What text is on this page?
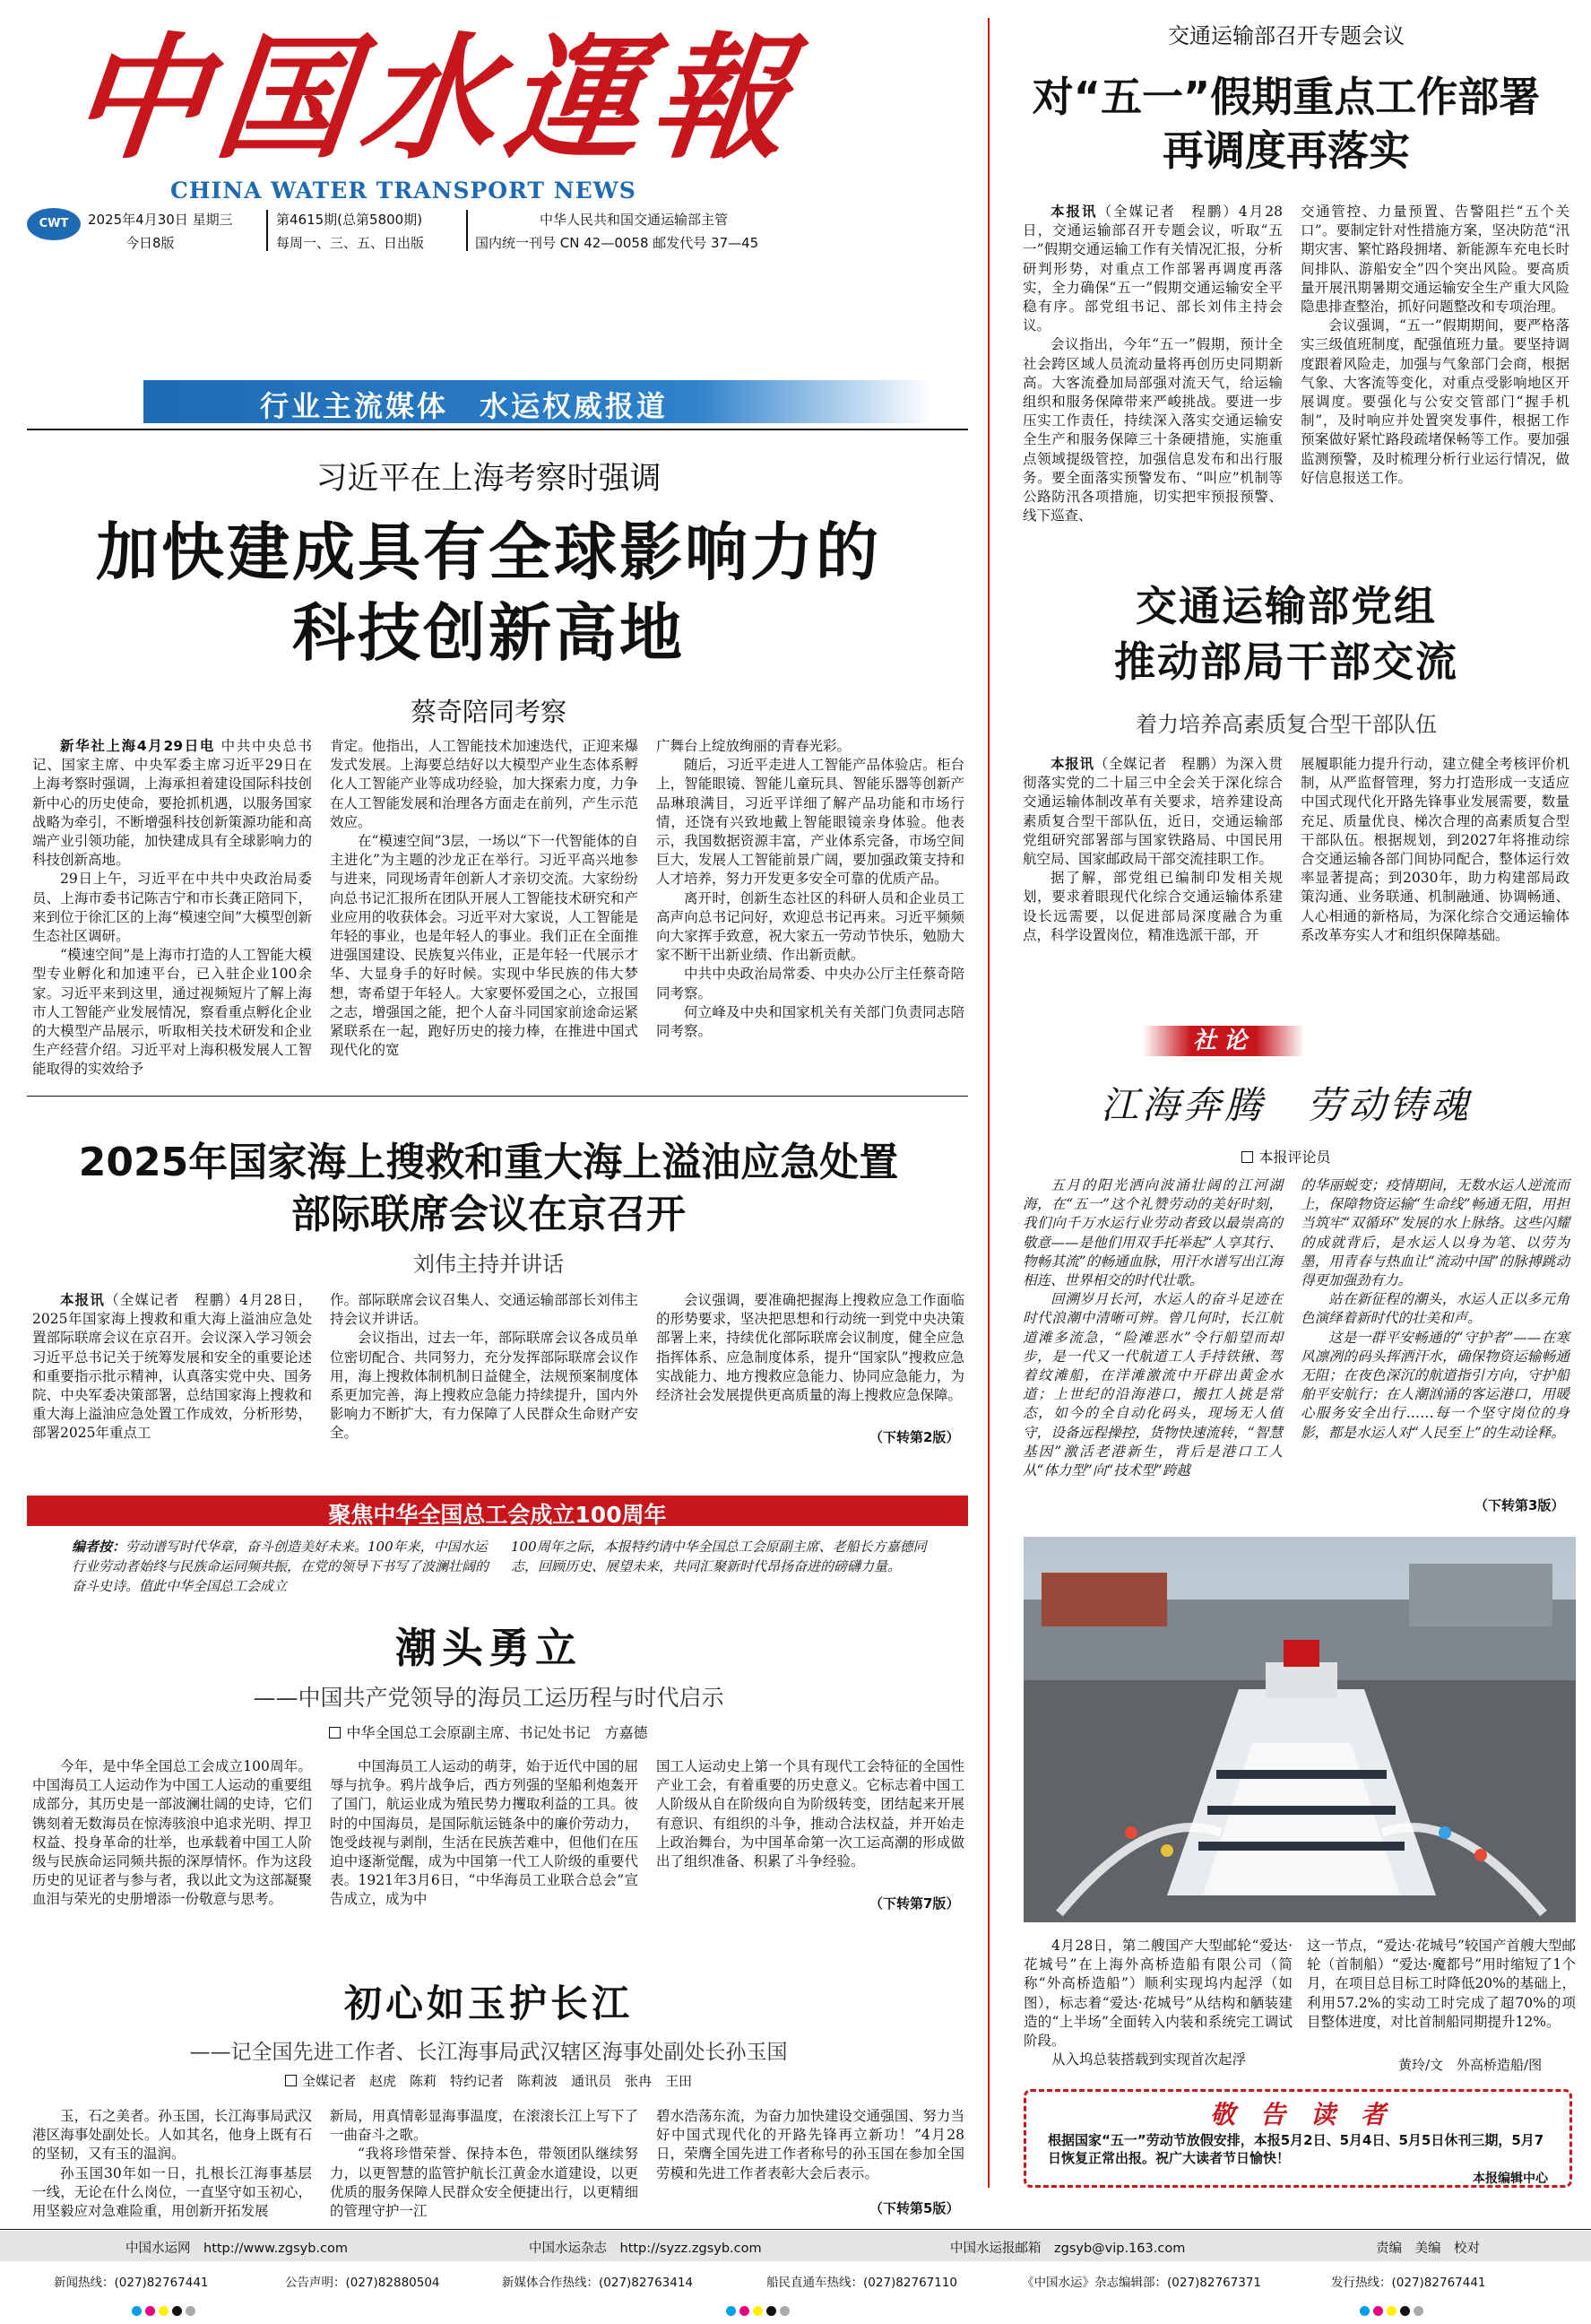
中国水運報
CHINA WATER TRANSPORT NEWS
CWT	2025年4月30日 星期三
今日8版
第4615期(总第5800期)
每周一、三、五、日出版
中华人民共和国交通运输部主管
国内统一刊号 CN 42—0058 邮发代号 37—45
行业主流媒体　水运权威报道
习近平在上海考察时强调
加快建成具有全球影响力的
科技创新高地
蔡奇陪同考察

新华社上海4月29日电 中共中央总书记、国家主席、中央军委主席习近平29日在上海考察时强调，上海承担着建设国际科技创新中心的历史使命，要抢抓机遇，以服务国家战略为牵引，不断增强科技创新策源功能和高端产业引领功能，加快建成具有全球影响力的科技创新高地。

29日上午，习近平在中共中央政治局委员、上海市委书记陈吉宁和市长龚正陪同下，来到位于徐汇区的上海“模速空间”大模型创新生态社区调研。

“模速空间”是上海市打造的人工智能大模型专业孵化和加速平台，已入驻企业100余家。习近平来到这里，通过视频短片了解上海市人工智能产业发展情况，察看重点孵化企业的大模型产品展示，听取相关技术研发和企业生产经营介绍。习近平对上海积极发展人工智能取得的实效给予

肯定。他指出，人工智能技术加速迭代，正迎来爆发式发展。上海要总结好以大模型产业生态体系孵化人工智能产业等成功经验，加大探索力度，力争在人工智能发展和治理各方面走在前列，产生示范效应。

在“模速空间”3层，一场以“下一代智能体的自主进化”为主题的沙龙正在举行。习近平高兴地参与进来，同现场青年创新人才亲切交流。大家纷纷向总书记汇报所在团队开展人工智能技术研究和产业应用的收获体会。习近平对大家说，人工智能是年轻的事业，也是年轻人的事业。我们正在全面推进强国建设、民族复兴伟业，正是年轻一代展示才华、大显身手的好时候。实现中华民族的伟大梦想，寄希望于年轻人。大家要怀爱国之心，立报国之志，增强国之能，把个人奋斗同国家前途命运紧紧联系在一起，跑好历史的接力棒，在推进中国式现代化的宽

广舞台上绽放绚丽的青春光彩。

随后，习近平走进人工智能产品体验店。柜台上，智能眼镜、智能儿童玩具、智能乐器等创新产品琳琅满目，习近平详细了解产品功能和市场行情，还饶有兴致地戴上智能眼镜亲身体验。他表示，我国数据资源丰富，产业体系完备，市场空间巨大，发展人工智能前景广阔，要加强政策支持和人才培养，努力开发更多安全可靠的优质产品。

离开时，创新生态社区的科研人员和企业员工高声向总书记问好，欢迎总书记再来。习近平频频向大家挥手致意，祝大家五一劳动节快乐，勉励大家不断干出新业绩、作出新贡献。

中共中央政治局常委、中央办公厅主任蔡奇陪同考察。

何立峰及中央和国家机关有关部门负责同志陪同考察。

2025年国家海上搜救和重大海上溢油应急处置
部际联席会议在京召开
刘伟主持并讲话

本报讯（全媒记者　程鹏）4月28日，2025年国家海上搜救和重大海上溢油应急处置部际联席会议在京召开。会议深入学习领会习近平总书记关于统筹发展和安全的重要论述和重要指示批示精神，认真落实党中央、国务院、中央军委决策部署，总结国家海上搜救和重大海上溢油应急处置工作成效，分析形势，部署2025年重点工

作。部际联席会议召集人、交通运输部部长刘伟主持会议并讲话。

会议指出，过去一年，部际联席会议各成员单位密切配合、共同努力，充分发挥部际联席会议作用，海上搜救体制机制日益健全，法规预案制度体系更加完善，海上搜救应急能力持续提升，国内外影响力不断扩大，有力保障了人民群众生命财产安全。

会议强调，要准确把握海上搜救应急工作面临的形势要求，坚决把思想和行动统一到党中央决策部署上来，持续优化部际联席会议制度，健全应急指挥体系、应急制度体系，提升“国家队”搜救应急实战能力、地方搜救应急能力、协同应急能力，为经济社会发展提供更高质量的海上搜救应急保障。

（下转第2版）
聚焦中华全国总工会成立100周年
编者按：劳动谱写时代华章，奋斗创造美好未来。100年来，中国水运行业劳动者始终与民族命运同频共振，在党的领导下书写了波澜壮阔的奋斗史诗。值此中华全国总工会成立
100周年之际，本报特约请中华全国总工会原副主席、老船长方嘉德同志，回顾历史、展望未来，共同汇聚新时代昂扬奋进的磅礴力量。
潮头勇立
——中国共产党领导的海员工运历程与时代启示
中华全国总工会原副主席、书记处书记　方嘉德

今年，是中华全国总工会成立100周年。中国海员工人运动作为中国工人运动的重要组成部分，其历史是一部波澜壮阔的史诗，它们镌刻着无数海员在惊涛骇浪中追求光明、捍卫权益、投身革命的壮举，也承载着中国工人阶级与民族命运同频共振的深厚情怀。作为这段历史的见证者与参与者，我以此文为这部凝聚血泪与荣光的史册增添一份敬意与思考。

中国海员工人运动的萌芽，始于近代中国的屈辱与抗争。鸦片战争后，西方列强的坚船利炮轰开了国门，航运业成为殖民势力攫取利益的工具。彼时的中国海员，是国际航运链条中的廉价劳动力，饱受歧视与剥削，生活在民族苦难中，但他们在压迫中逐渐觉醒，成为中国第一代工人阶级的重要代表。1921年3月6日，“中华海员工业联合总会”宣告成立，成为中

国工人运动史上第一个具有现代工会特征的全国性产业工会，有着重要的历史意义。它标志着中国工人阶级从自在阶级向自为阶级转变，团结起来开展有意识、有组织的斗争，推动合法权益，并开始走上政治舞台，为中国革命第一次工运高潮的形成做出了组织准备、积累了斗争经验。

（下转第7版）
初心如玉护长江
——记全国先进工作者、长江海事局武汉辖区海事处副处长孙玉国
全媒记者　赵虎　陈莉　特约记者　陈莉波　通讯员　张冉　王田

玉，石之美者。孙玉国，长江海事局武汉港区海事处副处长。人如其名，他身上既有石的坚韧，又有玉的温润。

孙玉国30年如一日，扎根长江海事基层一线，无论在什么岗位，一直坚守如玉初心，用坚毅应对急难险重，用创新开拓发展

新局，用真情彰显海事温度，在滚滚长江上写下了一曲奋斗之歌。

“我将珍惜荣誉、保持本色，带领团队继续努力，以更智慧的监管护航长江黄金水道建设，以更优质的服务保障人民群众安全便捷出行，以更精细的管理守护一江

碧水浩荡东流，为奋力加快建设交通强国、努力当好中国式现代化的开路先锋再立新功！”4月28日，荣膺全国先进工作者称号的孙玉国在参加全国劳模和先进工作者表彰大会后表示。

（下转第5版）
交通运输部召开专题会议
对“五一”假期重点工作部署
再调度再落实

本报讯（全媒记者　程鹏）4月28日，交通运输部召开专题会议，听取“五一”假期交通运输工作有关情况汇报，分析研判形势，对重点工作部署再调度再落实，全力确保“五一”假期交通运输安全平稳有序。部党组书记、部长刘伟主持会议。

会议指出，今年“五一”假期，预计全社会跨区域人员流动量将再创历史同期新高。大客流叠加局部强对流天气，给运输组织和服务保障带来严峻挑战。要进一步压实工作责任，持续深入落实交通运输安全生产和服务保障三十条硬措施，实施重点领域提级管控，加强信息发布和出行服务。要全面落实预警发布、“叫应”机制等公路防汛各项措施，切实把牢预报预警、线下巡查、

交通管控、力量预置、告警阻拦“五个关口”。要制定针对性措施方案，坚决防范“汛期灾害、繁忙路段拥堵、新能源车充电长时间排队、游船安全”四个突出风险。要高质量开展汛期暑期交通运输安全生产重大风险隐患排查整治，抓好问题整改和专项治理。

会议强调，“五一”假期期间，要严格落实三级值班制度，配强值班力量。要坚持调度跟着风险走，加强与气象部门会商，根据气象、大客流等变化，对重点受影响地区开展调度。要强化与公安交管部门“握手机制”，及时响应并处置突发事件，根据工作预案做好紧忙路段疏堵保畅等工作。要加强监测预警，及时梳理分析行业运行情况，做好信息报送工作。

交通运输部党组
推动部局干部交流
着力培养高素质复合型干部队伍

本报讯（全媒记者　程鹏）为深入贯彻落实党的二十届三中全会关于深化综合交通运输体制改革有关要求，培养建设高素质复合型干部队伍，近日，交通运输部党组研究部署部与国家铁路局、中国民用航空局、国家邮政局干部交流挂职工作。

据了解，部党组已编制印发相关规划，要求着眼现代化综合交通运输体系建设长远需要，以促进部局深度融合为重点，科学设置岗位，精准选派干部，开

展履职能力提升行动，建立健全考核评价机制，从严监督管理，努力打造形成一支适应中国式现代化开路先锋事业发展需要，数量充足、质量优良、梯次合理的高素质复合型干部队伍。根据规划，到2027年将推动综合交通运输各部门间协同配合，整体运行效率显著提高；到2030年，助力构建部局政策沟通、业务联通、机制融通、协调畅通、人心相通的新格局，为深化综合交通运输体系改革夯实人才和组织保障基础。

社论
江海奔腾　劳动铸魂
本报评论员

五月的阳光洒向波涌壮阔的江河湖海，在“五一”这个礼赞劳动的美好时刻，我们向千万水运行业劳动者致以最崇高的敬意——是他们用双手托举起“人享其行、物畅其流”的畅通血脉，用汗水谱写出江海相连、世界相交的时代壮歌。

回溯岁月长河，水运人的奋斗足迹在时代浪潮中清晰可辨。曾几何时，长江航道滩多流急，“险滩恶水”令行船望而却步，是一代又一代航道工人手持铁锹、驾着纹滩船，在洋滩激流中开辟出黄金水道；上世纪的沿海港口，搬扛人挑是常态，如今的全自动化码头，现场无人值守，设备远程操控，货物快速流转，“智慧基因”激活老港新生，背后是港口工人从“体力型”向“技术型”跨越

的华丽蜕变；疫情期间，无数水运人逆流而上，保障物资运输“生命线”畅通无阻，用担当筑牢“双循环”发展的水上脉络。这些闪耀的成就背后，是水运人以身为笔、以劳为墨，用青春与热血让“流动中国”的脉搏跳动得更加强劲有力。

站在新征程的潮头，水运人正以多元角色演绎着新时代的壮美和声。

这是一群平安畅通的“守护者”——在寒风凛冽的码头挥洒汗水，确保物资运输畅通无阻；在夜色深沉的航道指引方向，守护船舶平安航行；在人潮汹涌的客运港口，用暖心服务安全出行……每一个坚守岗位的身影，都是水运人对“人民至上”的生动诠释。

（下转第3版）

4月28日，第二艘国产大型邮轮“爱达·花城号”在上海外高桥造船有限公司（简称“外高桥造船”）顺利实现坞内起浮（如图），标志着“爱达·花城号”从结构和舾装建造的“上半场”全面转入内装和系统完工调试阶段。

从入坞总装搭载到实现首次起浮

这一节点，“爱达·花城号”较国产首艘大型邮轮（首制船）“爱达·魔都号”用时缩短了1个月，在项目总目标工时降低20%的基础上，利用57.2%的实动工时完成了超70%的项目整体进度，对比首制船同期提升12%。

黄玲/文　外高桥造船/图
敬　告　读　者
根据国家“五一”劳动节放假安排，本报5月2日、5月4日、5月5日休刊三期，5月7日恢复正常出报。祝广大读者节日愉快！
本报编辑中心
中国水运网　http://www.zgsyb.com	中国水运杂志　http://syzz.zgsyb.com	中国水运报邮箱　zgsyb@vip.163.com	责编　美编　校对
新闻热线：(027)82767441	公告声明：(027)82880504	新媒体合作热线：(027)82763414	船民直通车热线：(027)82767110	《中国水运》杂志编辑部：(027)82767371	发行热线：(027)82767441
